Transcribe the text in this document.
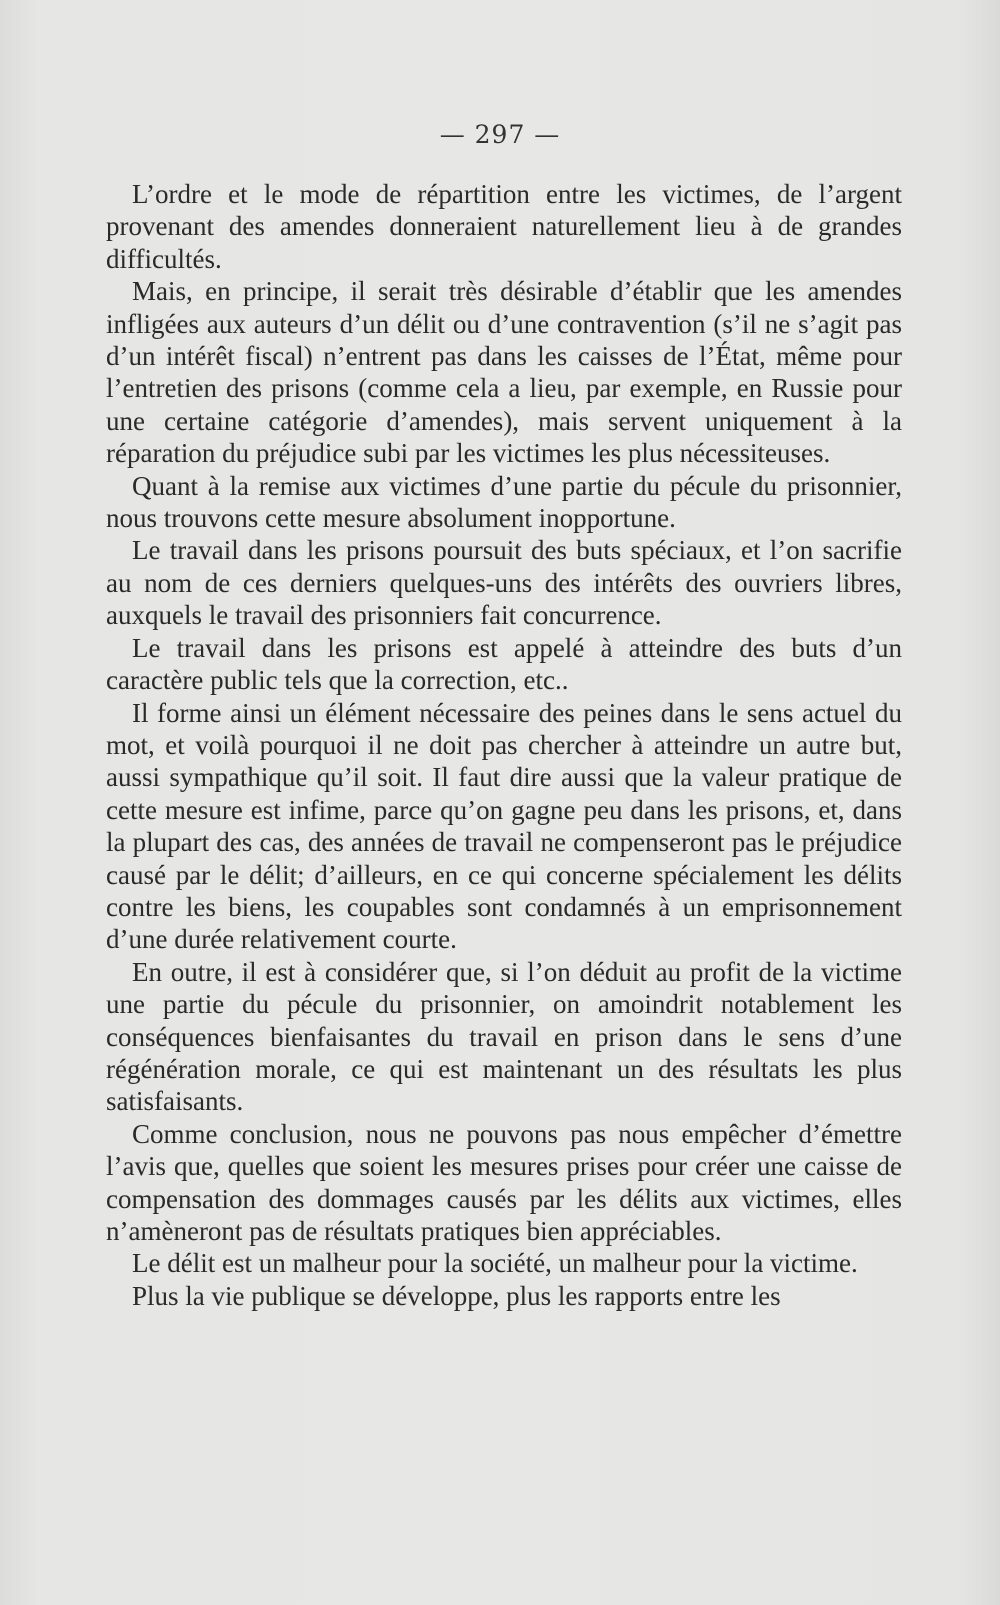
— 297 —

L’ordre et le mode de répartition entre les victimes, de l’argent provenant des amendes donneraient naturellement lieu à de grandes difficultés.

Mais, en principe, il serait très désirable d’établir que les amendes infligées aux auteurs d’un délit ou d’une contravention (s’il ne s’agit pas d’un intérêt fiscal) n’entrent pas dans les caisses de l’État, même pour l’entretien des prisons (comme cela a lieu, par exemple, en Russie pour une certaine catégorie d’amendes), mais servent uniquement à la réparation du préjudice subi par les victimes les plus nécessiteuses.

Quant à la remise aux victimes d’une partie du pécule du prisonnier, nous trouvons cette mesure absolument inopportune.

Le travail dans les prisons poursuit des buts spéciaux, et l’on sacrifie au nom de ces derniers quelques-uns des intérêts des ouvriers libres, auxquels le travail des prisonniers fait concurrence.

Le travail dans les prisons est appelé à atteindre des buts d’un caractère public tels que la correction, etc..

Il forme ainsi un élément nécessaire des peines dans le sens actuel du mot, et voilà pourquoi il ne doit pas chercher à atteindre un autre but, aussi sympathique qu’il soit. Il faut dire aussi que la valeur pratique de cette mesure est infime, parce qu’on gagne peu dans les prisons, et, dans la plupart des cas, des années de travail ne compenseront pas le préjudice causé par le délit; d’ailleurs, en ce qui concerne spécialement les délits contre les biens, les coupables sont condamnés à un emprisonnement d’une durée relativement courte.

En outre, il est à considérer que, si l’on déduit au profit de la victime une partie du pécule du prisonnier, on amoindrit notablement les conséquences bienfaisantes du travail en prison dans le sens d’une régénération morale, ce qui est maintenant un des résultats les plus satisfaisants.

Comme conclusion, nous ne pouvons pas nous empêcher d’émettre l’avis que, quelles que soient les mesures prises pour créer une caisse de compensation des dommages causés par les délits aux victimes, elles n’amèneront pas de résultats pratiques bien appréciables.

Le délit est un malheur pour la société, un malheur pour la victime.

Plus la vie publique se développe, plus les rapports entre les
